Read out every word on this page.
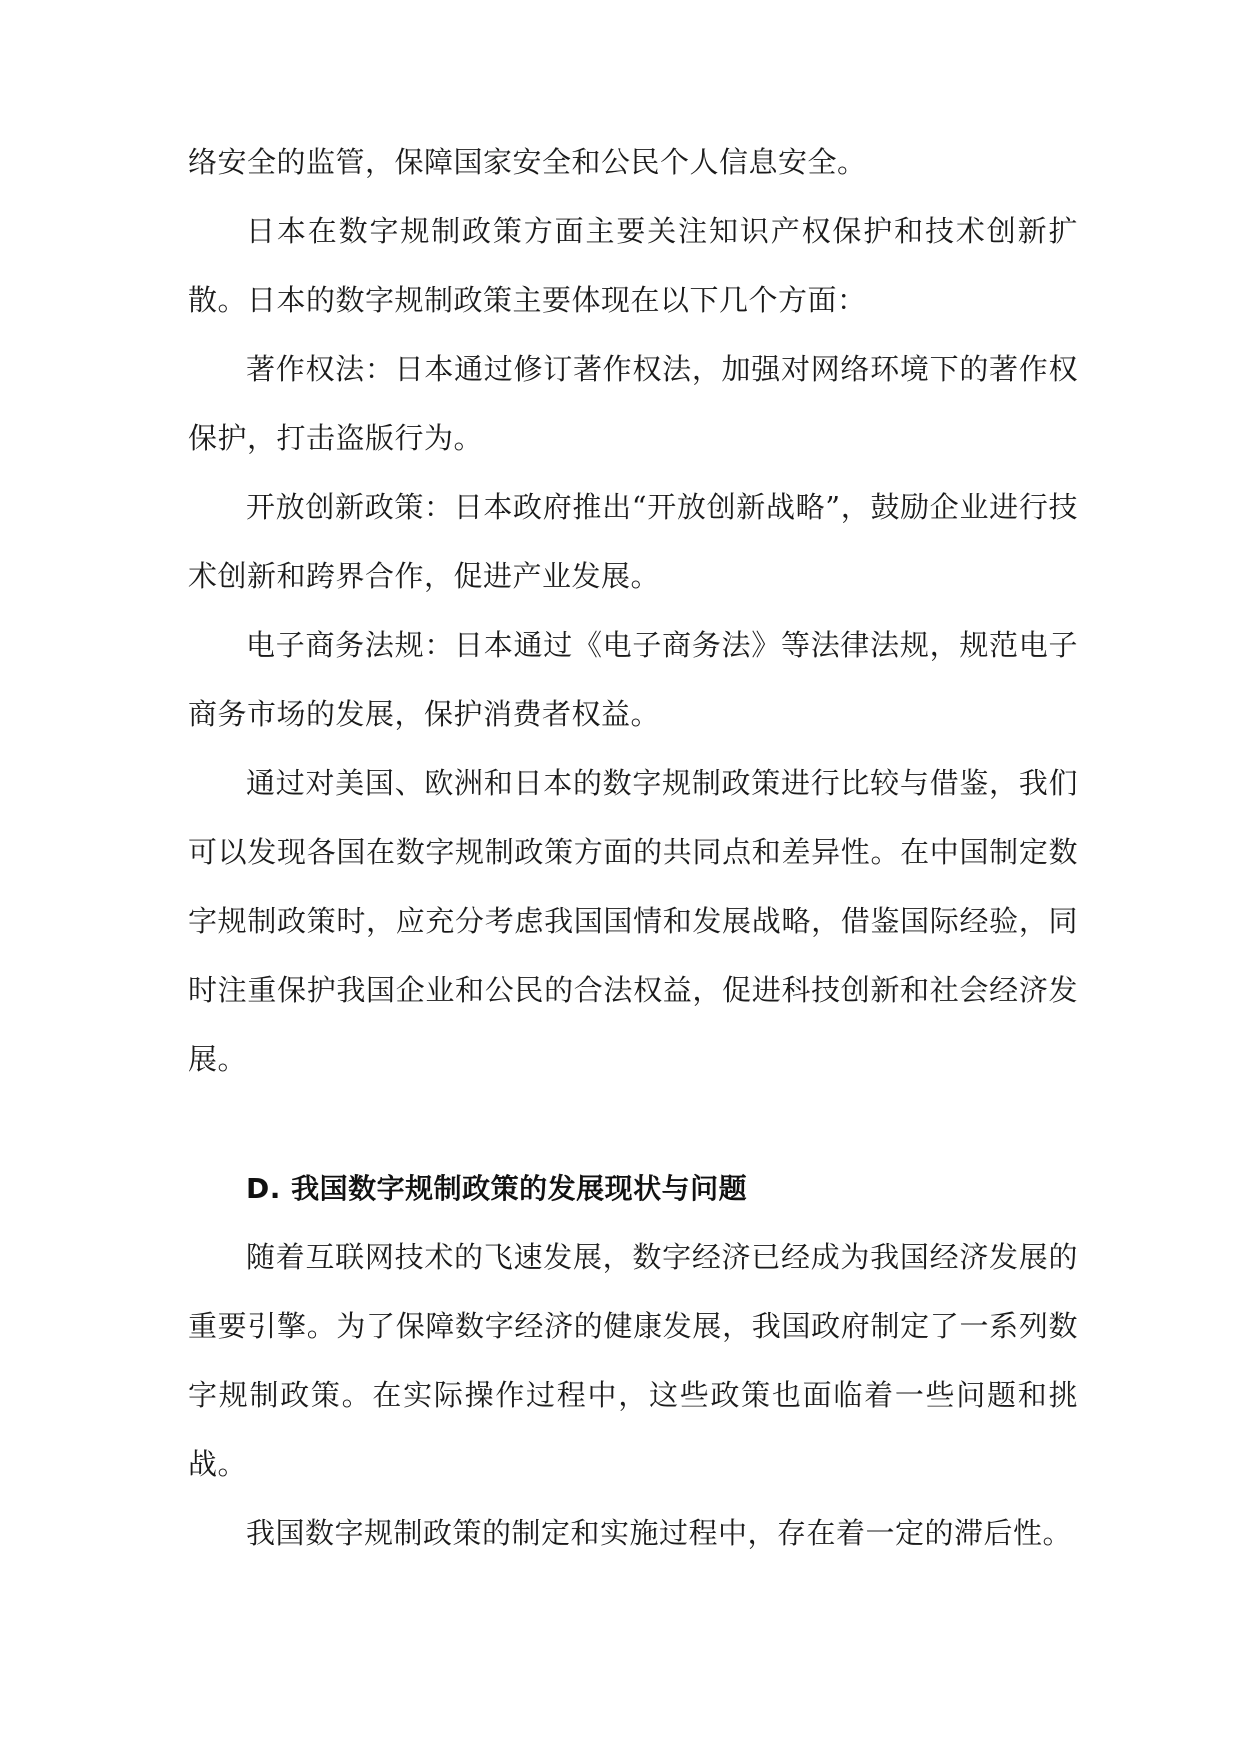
络安全的监管，保障国家安全和公民个人信息安全。

日本在数字规制政策方面主要关注知识产权保护和技术创新扩散。日本的数字规制政策主要体现在以下几个方面：

著作权法：日本通过修订著作权法，加强对网络环境下的著作权保护，打击盗版行为。

开放创新政策：日本政府推出“开放创新战略”，鼓励企业进行技术创新和跨界合作，促进产业发展。

电子商务法规：日本通过《电子商务法》等法律法规，规范电子商务市场的发展，保护消费者权益。

通过对美国、欧洲和日本的数字规制政策进行比较与借鉴，我们可以发现各国在数字规制政策方面的共同点和差异性。在中国制定数字规制政策时，应充分考虑我国国情和发展战略，借鉴国际经验，同时注重保护我国企业和公民的合法权益，促进科技创新和社会经济发展。

D. 我国数字规制政策的发展现状与问题

随着互联网技术的飞速发展，数字经济已经成为我国经济发展的重要引擎。为了保障数字经济的健康发展，我国政府制定了一系列数字规制政策。在实际操作过程中，这些政策也面临着一些问题和挑战。

我国数字规制政策的制定和实施过程中，存在着一定的滞后性。
